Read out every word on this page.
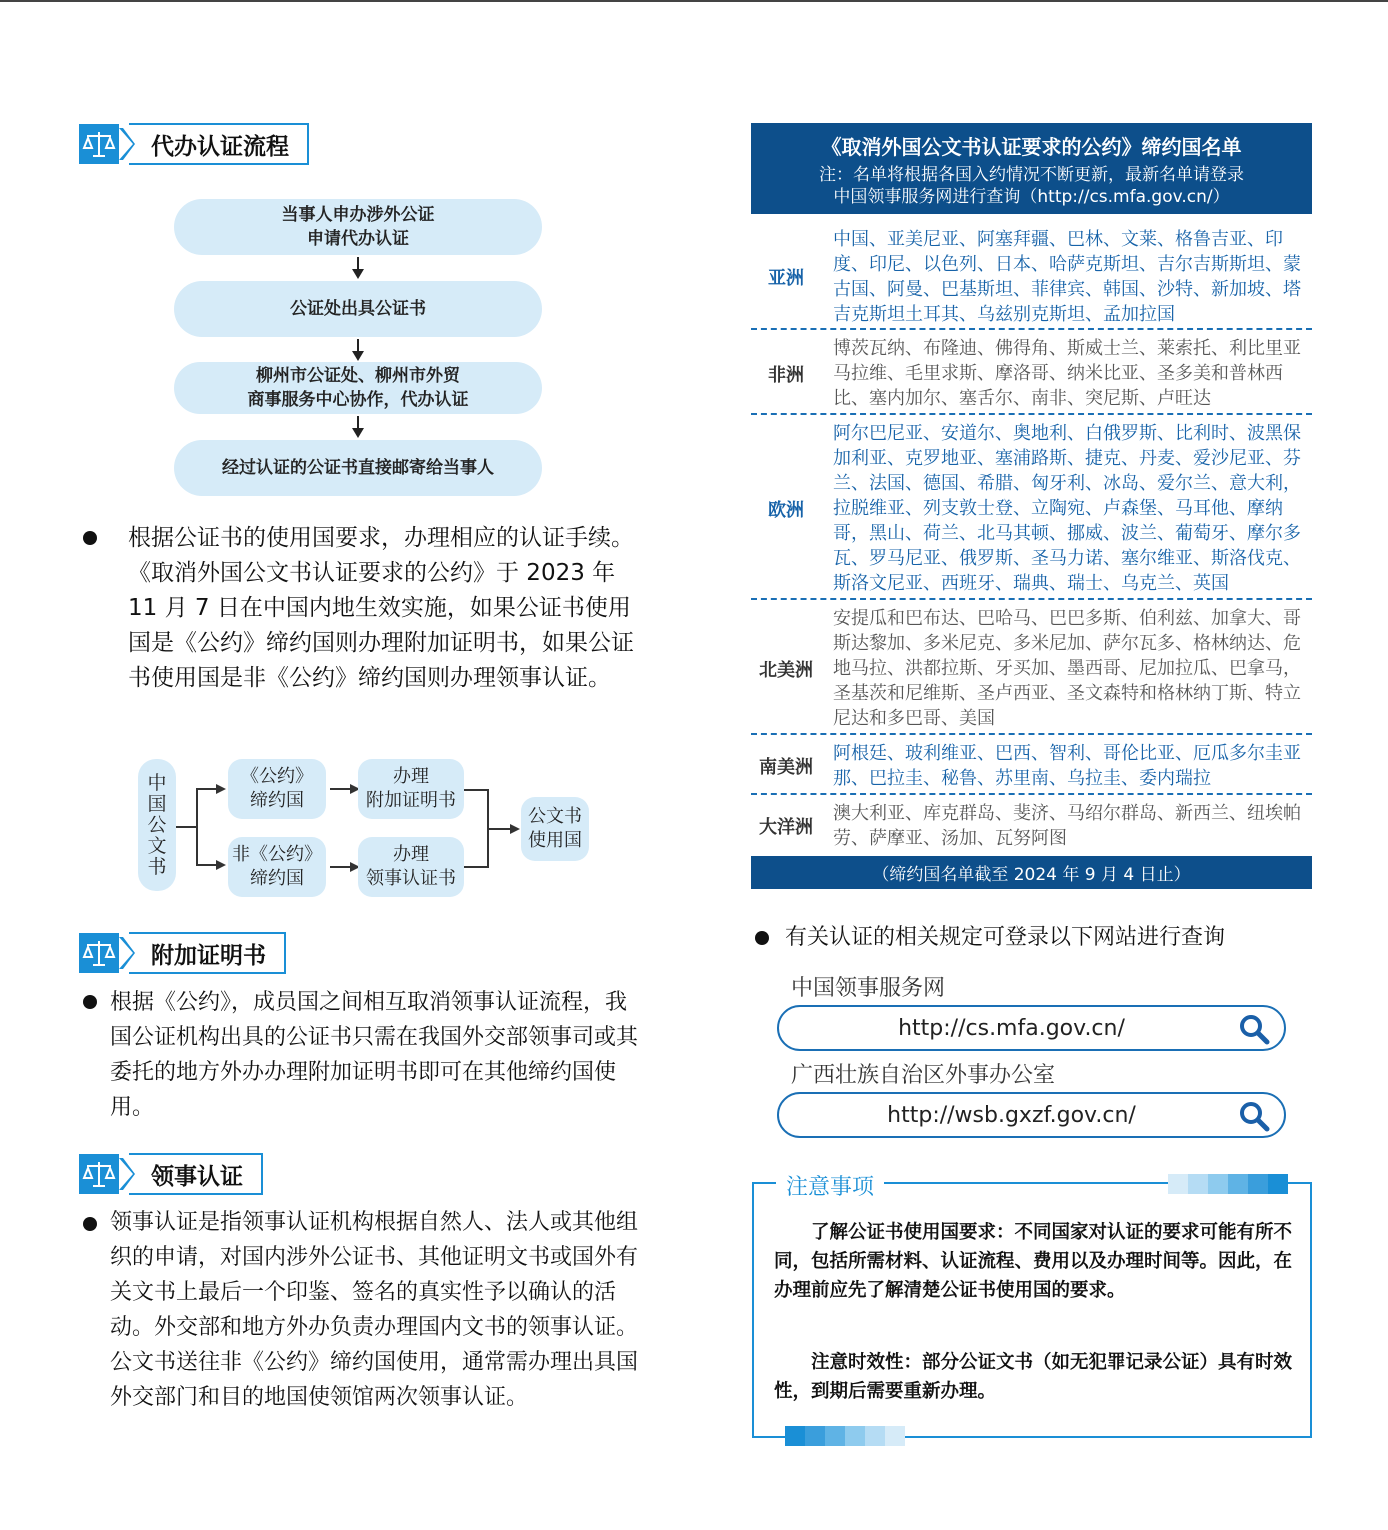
代办认证流程
当事人申办涉外公证
申请代办认证
公证处出具公证书
柳州市公证处、柳州市外贸
商事服务中心协作，代办认证
经过认证的公证书直接邮寄给当事人
根据公证书的使用国要求，办理相应的认证手续。《取消外国公文书认证要求的公约》于 2023 年 11 月 7 日在中国内地生效实施，如果公证书使用国是《公约》缔约国则办理附加证明书，如果公证书使用国是非《公约》缔约国则办理领事认证。
中
国
公
文
书
《公约》
缔约国
非《公约》
缔约国
办理
附加证明书
办理
领事认证书
公文书
使用国
附加证明书
根据《公约》，成员国之间相互取消领事认证流程，我国公证机构出具的公证书只需在我国外交部领事司或其委托的地方外办办理附加证明书即可在其他缔约国使用。
领事认证
领事认证是指领事认证机构根据自然人、法人或其他组织的申请，对国内涉外公证书、其他证明文书或国外有关文书上最后一个印鉴、签名的真实性予以确认的活动。外交部和地方外办负责办理国内文书的领事认证。公文书送往非《公约》缔约国使用，通常需办理出具国外交部门和目的地国使领馆两次领事认证。
《取消外国公文书认证要求的公约》缔约国名单
注：名单将根据各国入约情况不断更新，最新名单请登录
中国领事服务网进行查询（http://cs.mfa.gov.cn/）
亚洲
中国、亚美尼亚、阿塞拜疆、巴林、文莱、格鲁吉亚、印度、印尼、以色列、日本、哈萨克斯坦、吉尔吉斯斯坦、蒙古国、阿曼、巴基斯坦、菲律宾、韩国、沙特、新加坡、塔吉克斯坦土耳其、乌兹别克斯坦、孟加拉国
非洲
博茨瓦纳、布隆迪、佛得角、斯威士兰、莱索托、利比里亚马拉维、毛里求斯、摩洛哥、纳米比亚、圣多美和普林西比、塞内加尔、塞舌尔、南非、突尼斯、卢旺达
欧洲
阿尔巴尼亚、安道尔、奥地利、白俄罗斯、比利时、波黑保加利亚、克罗地亚、塞浦路斯、捷克、丹麦、爱沙尼亚、芬兰、法国、德国、希腊、匈牙利、冰岛、爱尔兰、意大利，拉脱维亚、列支敦士登、立陶宛、卢森堡、马耳他、摩纳哥，黑山、荷兰、北马其顿、挪威、波兰、葡萄牙、摩尔多瓦、罗马尼亚、俄罗斯、圣马力诺、塞尔维亚、斯洛伐克、斯洛文尼亚、西班牙、瑞典、瑞士、乌克兰、英国
北美洲
安提瓜和巴布达、巴哈马、巴巴多斯、伯利兹、加拿大、哥斯达黎加、多米尼克、多米尼加、萨尔瓦多、格林纳达、危地马拉、洪都拉斯、牙买加、墨西哥、尼加拉瓜、巴拿马，圣基茨和尼维斯、圣卢西亚、圣文森特和格林纳丁斯、特立尼达和多巴哥、美国
南美洲
阿根廷、玻利维亚、巴西、智利、哥伦比亚、厄瓜多尔圭亚那、巴拉圭、秘鲁、苏里南、乌拉圭、委内瑞拉
大洋洲
澳大利亚、库克群岛、斐济、马绍尔群岛、新西兰、纽埃帕劳、萨摩亚、汤加、瓦努阿图
（缔约国名单截至 2024 年 9 月 4 日止）
有关认证的相关规定可登录以下网站进行查询
中国领事服务网
http://cs.mfa.gov.cn/
广西壮族自治区外事办公室
http://wsb.gxzf.gov.cn/

了解公证书使用国要求：不同国家对认证的要求可能有所不同，包括所需材料、认证流程、费用以及办理时间等。因此，在办理前应先了解清楚公证书使用国的要求。

注意时效性：部分公证文书（如无犯罪记录公证）具有时效性，到期后需要重新办理。

注意事项
